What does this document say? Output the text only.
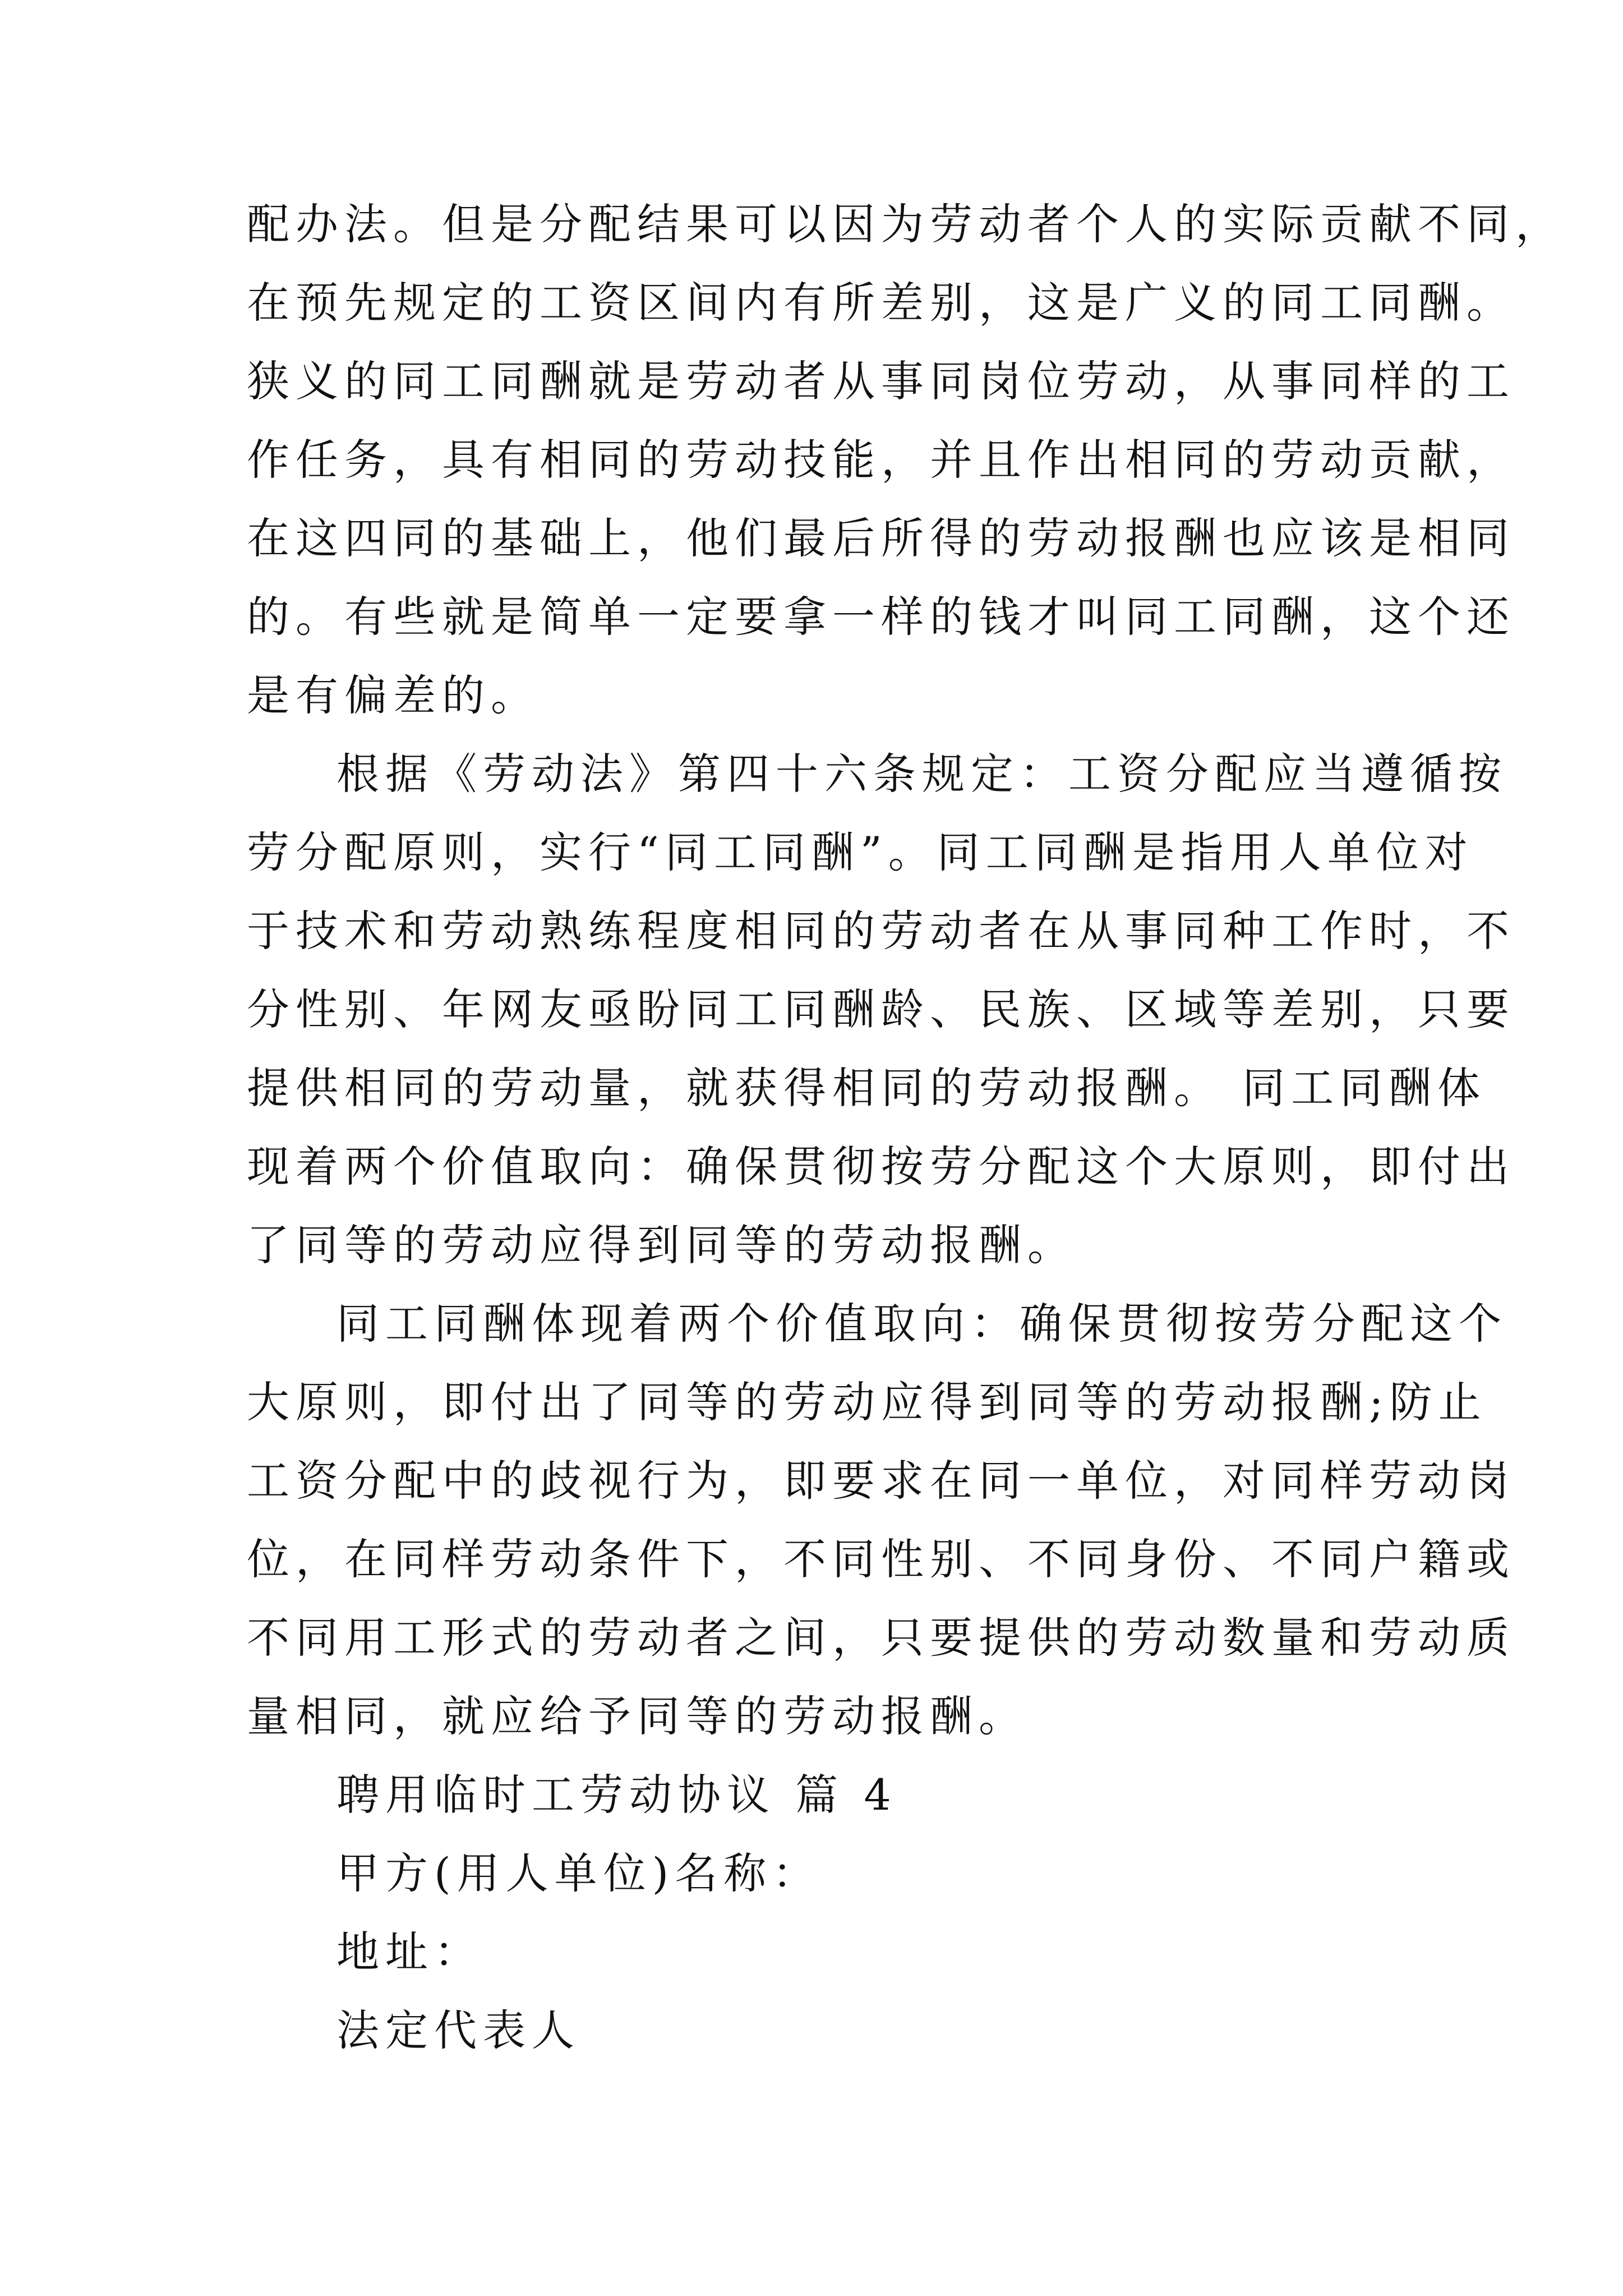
配办法。但是分配结果可以因为劳动者个人的实际贡献不同，
在预先规定的工资区间内有所差别，这是广义的同工同酬。
狭义的同工同酬就是劳动者从事同岗位劳动，从事同样的工
作任务，具有相同的劳动技能，并且作出相同的劳动贡献，
在这四同的基础上，他们最后所得的劳动报酬也应该是相同
的。有些就是简单一定要拿一样的钱才叫同工同酬，这个还
是有偏差的。
根据《劳动法》第四十六条规定：工资分配应当遵循按
劳分配原则，实行“同工同酬”。同工同酬是指用人单位对
于技术和劳动熟练程度相同的劳动者在从事同种工作时，不
分性别、年网友亟盼同工同酬龄、民族、区域等差别，只要
提供相同的劳动量，就获得相同的劳动报酬。 同工同酬体
现着两个价值取向：确保贯彻按劳分配这个大原则，即付出
了同等的劳动应得到同等的劳动报酬。
同工同酬体现着两个价值取向：确保贯彻按劳分配这个
大原则，即付出了同等的劳动应得到同等的劳动报酬;防止
工资分配中的歧视行为，即要求在同一单位，对同样劳动岗
位，在同样劳动条件下，不同性别、不同身份、不同户籍或
不同用工形式的劳动者之间，只要提供的劳动数量和劳动质
量相同，就应给予同等的劳动报酬。
聘用临时工劳动协议 篇 4
甲方(用人单位)名称：
地址：
法定代表人
